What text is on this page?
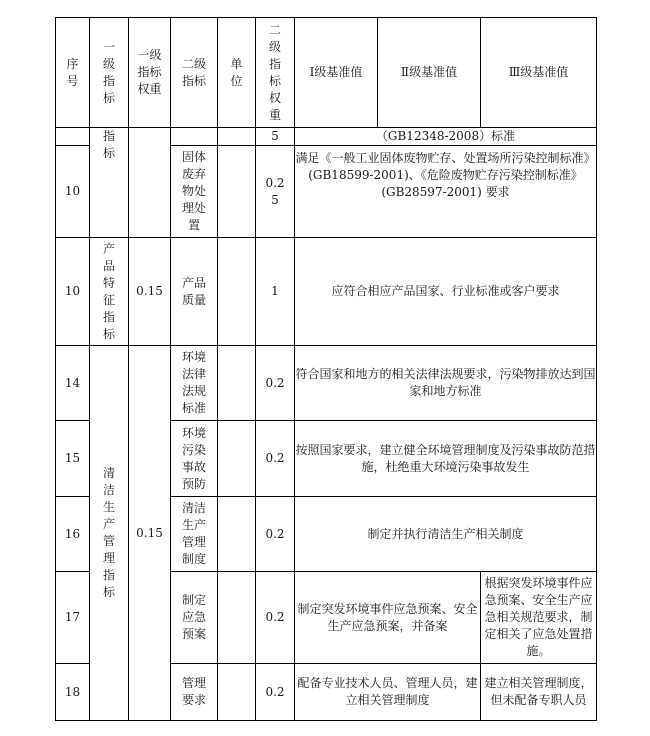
序号	一级指标	一级指标权重	二级指标	单位	二级指标权重	Ⅰ级基准值	Ⅱ级基准值	Ⅲ级基准值
	指标				5	（GB12348-2008）标准		
10			固体废弃物处理处置		0.25	满足《一般工业固体废物贮存、处置场所污染控制标准》(GB18599-2001)、《危险废物贮存污染控制标准》(GB28597-2001) 要求		
10	产品特征指标	0.15	产品质量		1	应符合相应产品国家、行业标准或客户要求		
14	清洁生产管理指标	0.15	环境法律法规标准		0.2	符合国家和地方的相关法律法规要求，污染物排放达到国家和地方标准		
15			环境污染事故预防		0.2	按照国家要求，建立健全环境管理制度及污染事故防范措施，杜绝重大环境污染事故发生		
16			清洁生产管理制度		0.2	制定并执行清洁生产相关制度		
17			制定应急预案		0.2	制定突发环境事件应急预案、安全生产应急预案，并备案		根据突发环境事件应急预案、安全生产应急相关规范要求，制定相关了应急处置措施。
18			管理要求		0.2	配备专业技术人员、管理人员，建立相关管理制度		建立相关管理制度，但未配备专职人员
